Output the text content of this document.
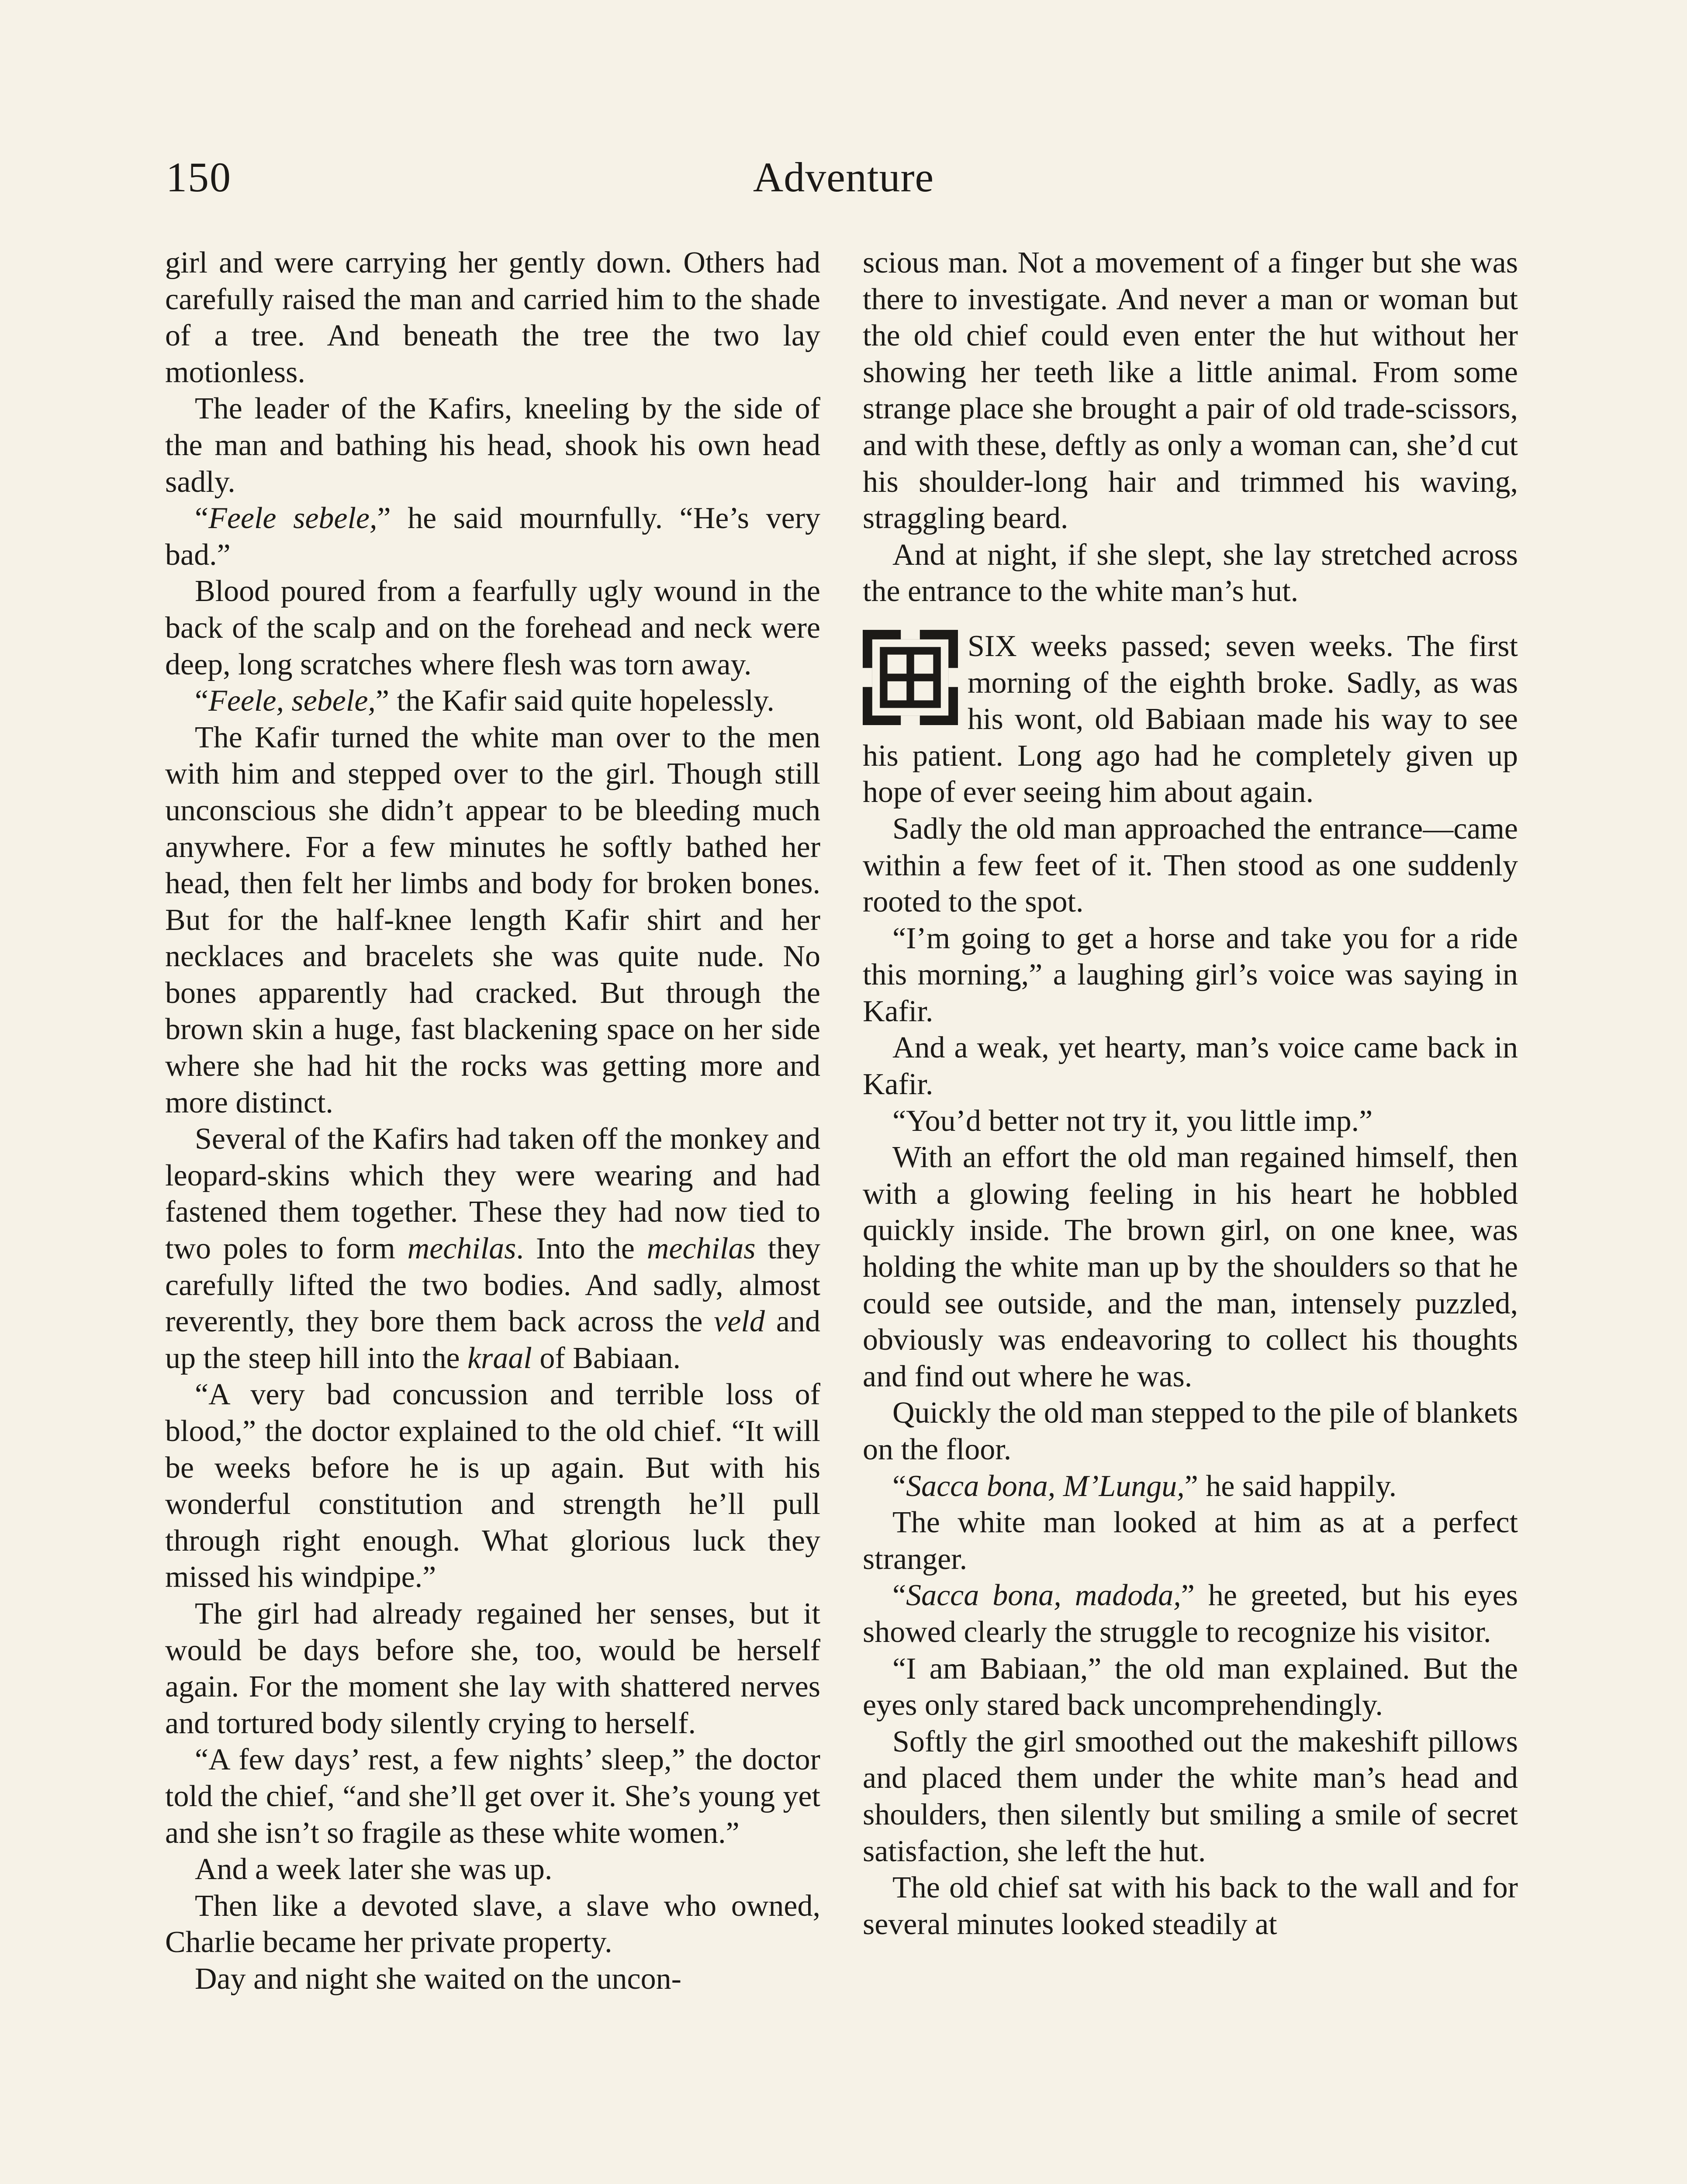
150	Adventure

girl and were carrying her gently down. Others had carefully raised the man and carried him to the shade of a tree. And beneath the tree the two lay motionless.

The leader of the Kafirs, kneeling by the side of the man and bathing his head, shook his own head sadly.

“Feele sebele,” he said mournfully. “He’s very bad.”

Blood poured from a fearfully ugly wound in the back of the scalp and on the forehead and neck were deep, long scratches where flesh was torn away.

“Feele, sebele,” the Kafir said quite hopelessly.

The Kafir turned the white man over to the men with him and stepped over to the girl. Though still unconscious she didn’t appear to be bleeding much anywhere. For a few minutes he softly bathed her head, then felt her limbs and body for broken bones. But for the half-knee length Kafir shirt and her necklaces and bracelets she was quite nude. No bones apparently had cracked. But through the brown skin a huge, fast blackening space on her side where she had hit the rocks was getting more and more distinct.

Several of the Kafirs had taken off the monkey and leopard-skins which they were wearing and had fastened them together. These they had now tied to two poles to form mechilas. Into the mechilas they carefully lifted the two bodies. And sadly, almost reverently, they bore them back across the veld and up the steep hill into the kraal of Babiaan.

“A very bad concussion and terrible loss of blood,” the doctor explained to the old chief. “It will be weeks before he is up again. But with his wonderful constitution and strength he’ll pull through right enough. What glorious luck they missed his windpipe.”

The girl had already regained her senses, but it would be days before she, too, would be herself again. For the moment she lay with shattered nerves and tortured body silently crying to herself.

“A few days’ rest, a few nights’ sleep,” the doctor told the chief, “and she’ll get over it. She’s young yet and she isn’t so fragile as these white women.”

And a week later she was up.

Then like a devoted slave, a slave who owned, Charlie became her private property.

Day and night she waited on the uncon-

scious man. Not a movement of a finger but she was there to investigate. And never a man or woman but the old chief could even enter the hut without her showing her teeth like a little animal. From some strange place she brought a pair of old trade-scissors, and with these, deftly as only a woman can, she’d cut his shoulder-long hair and trimmed his waving, straggling beard.

And at night, if she slept, she lay stretched across the entrance to the white man’s hut.

SIX weeks passed; seven weeks. The first morning of the eighth broke. Sadly, as was his wont, old Babiaan made his way to see his patient. Long ago had he completely given up hope of ever seeing him about again.

Sadly the old man approached the entrance—came within a few feet of it. Then stood as one suddenly rooted to the spot.

“I’m going to get a horse and take you for a ride this morning,” a laughing girl’s voice was saying in Kafir.

And a weak, yet hearty, man’s voice came back in Kafir.

“You’d better not try it, you little imp.”

With an effort the old man regained himself, then with a glowing feeling in his heart he hobbled quickly inside. The brown girl, on one knee, was holding the white man up by the shoulders so that he could see outside, and the man, intensely puzzled, obviously was endeavoring to collect his thoughts and find out where he was.

Quickly the old man stepped to the pile of blankets on the floor.

“Sacca bona, M’Lungu,” he said happily.

The white man looked at him as at a perfect stranger.

“Sacca bona, madoda,” he greeted, but his eyes showed clearly the struggle to recognize his visitor.

“I am Babiaan,” the old man explained. But the eyes only stared back uncomprehendingly.

Softly the girl smoothed out the makeshift pillows and placed them under the white man’s head and shoulders, then silently but smiling a smile of secret satisfaction, she left the hut.

The old chief sat with his back to the wall and for several minutes looked steadily at
